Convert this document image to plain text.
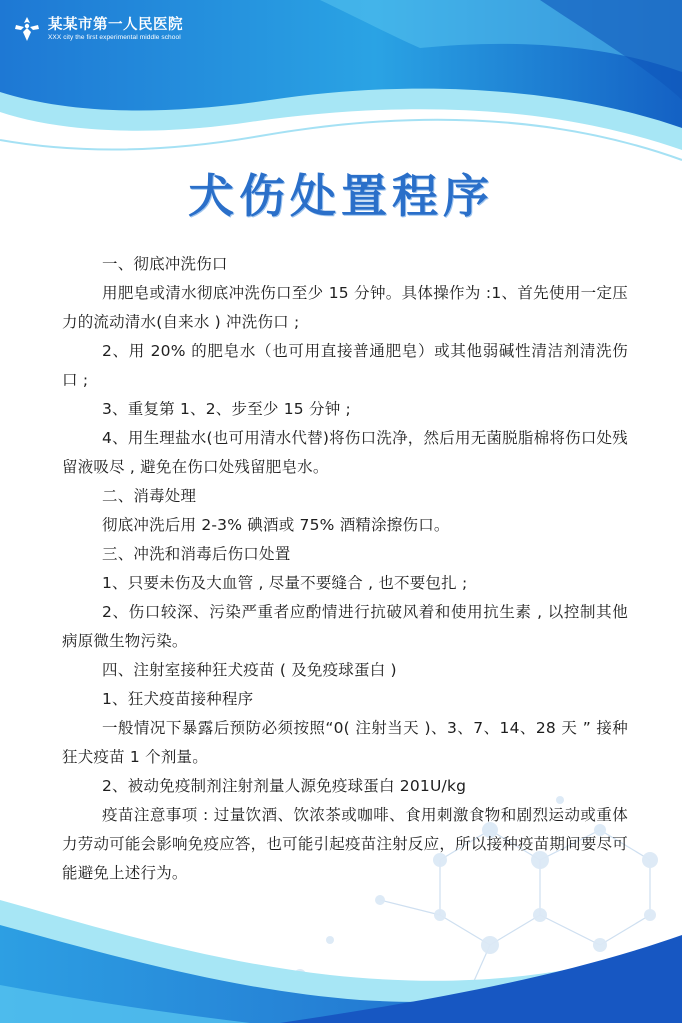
某某市第一人民医院
XXX city the first experimental middle school
犬伤处置程序

一、彻底冲洗伤口

用肥皂或清水彻底冲洗伤口至少 15 分钟。具体操作为 :1、首先使用一定压力的流动清水(自来水 ) 冲洗伤口 ;

2、用 20% 的肥皂水（也可用直接普通肥皂）或其他弱碱性清洁剂清洗伤口 ;

3、重复第 1、2、步至少 15 分钟 ;

4、用生理盐水(也可用清水代替)将伤口洗净，然后用无菌脱脂棉将伤口处残留液吸尽 , 避免在伤口处残留肥皂水。

二、消毒处理

彻底冲洗后用 2-3% 碘酒或 75% 酒精涂擦伤口。

三、冲洗和消毒后伤口处置

1、只要未伤及大血管 , 尽量不要缝合 , 也不要包扎 ;

2、伤口较深、污染严重者应酌情进行抗破风着和使用抗生素 , 以控制其他病原微生物污染。

四、注射室接种狂犬疫苗 ( 及免疫球蛋白 )

1、狂犬疫苗接种程序

一般情况下暴露后预防必须按照“0( 注射当天 )、3、7、14、28 天 ” 接种狂犬疫苗 1 个剂量。

2、被动免疫制剂注射剂量人源免疫球蛋白 201U/kg

疫苗注意事项 : 过量饮酒、饮浓茶或咖啡、食用刺激食物和剧烈运动或重体力劳动可能会影响免疫应答，也可能引起疫苗注射反应，所以接种疫苗期间要尽可能避免上述行为。
